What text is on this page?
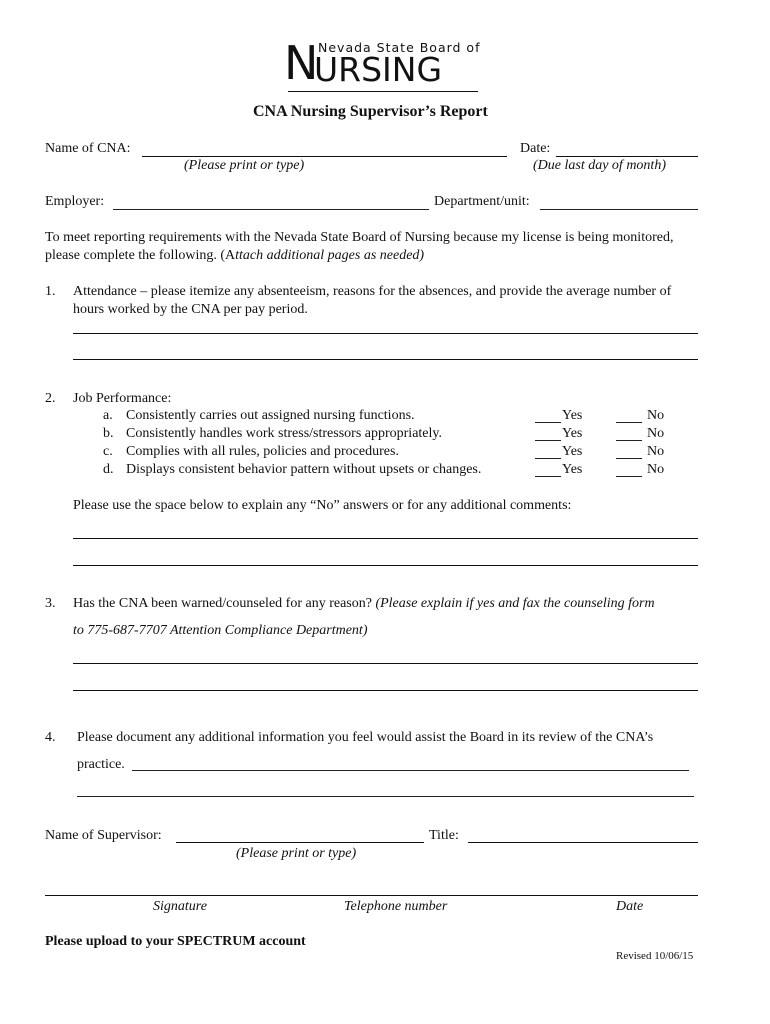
N
URSING
Nevada State Board of
CNA Nursing Supervisor’s Report
Name of CNA:
(Please print or type)
Date:
(Due last day of month)
Employer:	Department/unit:
To meet reporting requirements with the Nevada State Board of Nursing because my license is being monitored,
please complete the following. (Attach additional pages as needed)
1. Attendance – please itemize any absenteeism, reasons for the absences, and provide the average number of
hours worked by the CNA per pay period.
2. Job Performance:
a. Consistently carries out assigned nursing functions.	Yes	No
b. Consistently handles work stress/stressors appropriately.	Yes	No
c. Complies with all rules, policies and procedures.	Yes	No
d. Displays consistent behavior pattern without upsets or changes.	Yes	No
Please use the space below to explain any “No” answers or for any additional comments:
3. Has the CNA been warned/counseled for any reason? (Please explain if yes and fax the counseling form
to 775-687-7707 Attention Compliance Department)
4. Please document any additional information you feel would assist the Board in its review of the CNA’s
practice.
Name of Supervisor:
(Please print or type)
Title:
Signature	Telephone number	Date
Please upload to your SPECTRUM account
Revised 10/06/15
